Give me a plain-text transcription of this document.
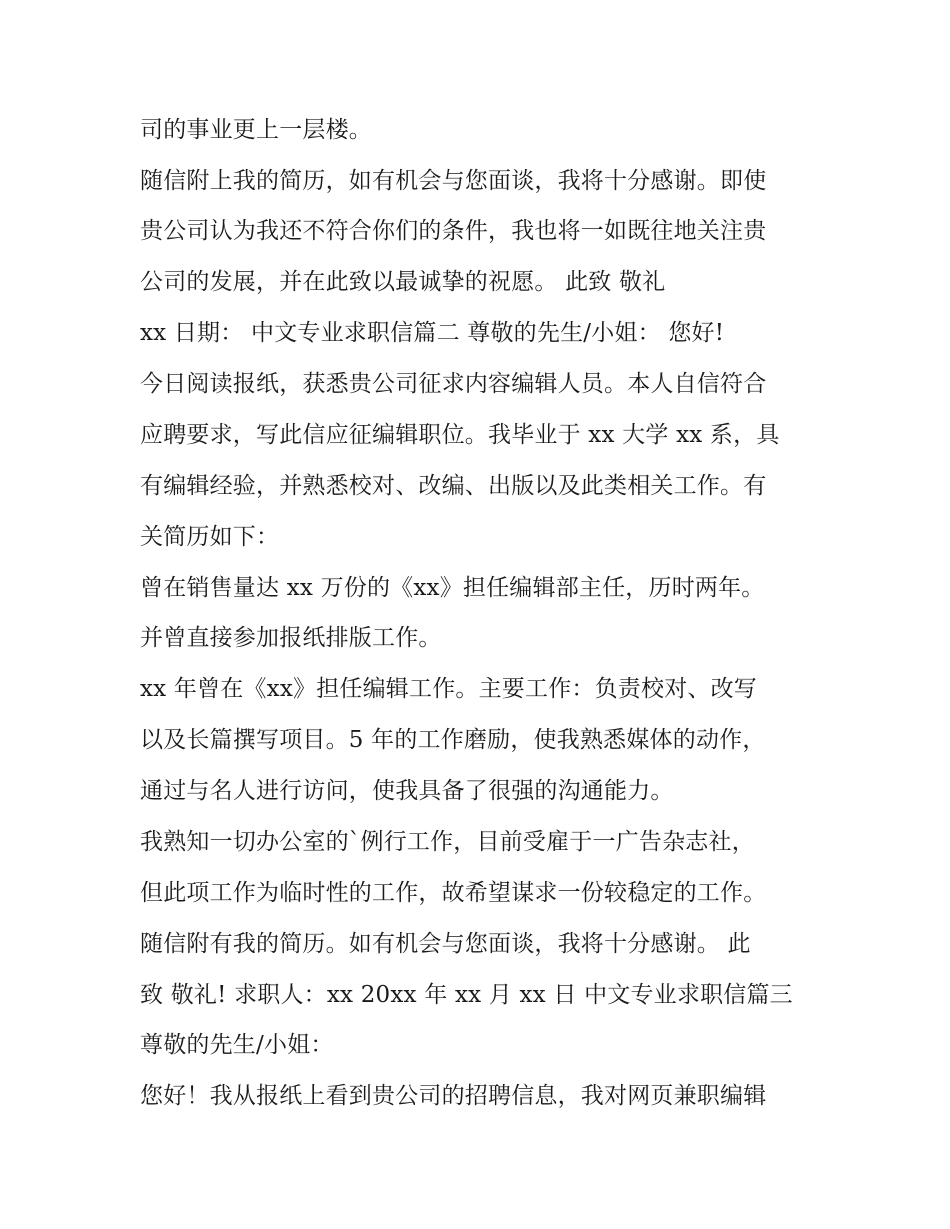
司的事业更上一层楼。
随信附上我的简历，如有机会与您面谈，我将十分感谢。即使
贵公司认为我还不符合你们的条件，我也将一如既往地关注贵
公司的发展，并在此致以最诚挚的祝愿。 此致 敬礼
xx 日期： 中文专业求职信篇二 尊敬的先生/小姐： 您好!
今日阅读报纸，获悉贵公司征求内容编辑人员。本人自信符合
应聘要求，写此信应征编辑职位。我毕业于 xx 大学 xx 系，具
有编辑经验，并熟悉校对、改编、出版以及此类相关工作。有
关简历如下：
曾在销售量达 xx 万份的《xx》担任编辑部主任，历时两年。
并曾直接参加报纸排版工作。
xx 年曾在《xx》担任编辑工作。主要工作：负责校对、改写
以及长篇撰写项目。5 年的工作磨励，使我熟悉媒体的动作，
通过与名人进行访问，使我具备了很强的沟通能力。
我熟知一切办公室的`例行工作，目前受雇于一广告杂志社，
但此项工作为临时性的工作，故希望谋求一份较稳定的工作。
随信附有我的简历。如有机会与您面谈，我将十分感谢。 此
致 敬礼! 求职人：xx 20xx 年 xx 月 xx 日 中文专业求职信篇三
尊敬的先生/小姐：
您好！我从报纸上看到贵公司的招聘信息，我对网页兼职编辑
